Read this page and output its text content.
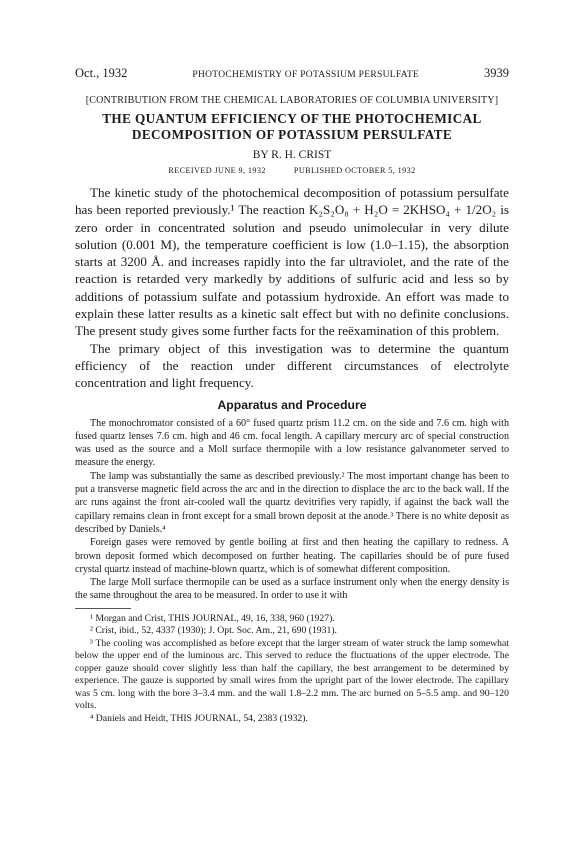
Oct., 1932	PHOTOCHEMISTRY OF POTASSIUM PERSULFATE	3939
[CONTRIBUTION FROM THE CHEMICAL LABORATORIES OF COLUMBIA UNIVERSITY]
THE QUANTUM EFFICIENCY OF THE PHOTOCHEMICAL
DECOMPOSITION OF POTASSIUM PERSULFATE
BY R. H. CRIST
RECEIVED JUNE 9, 1932	PUBLISHED OCTOBER 5, 1932

The kinetic study of the photochemical decomposition of potassium persulfate has been reported previously.¹ The reaction K₂S₂O₈ + H₂O = 2KHSO₄ + 1/2O₂ is zero order in concentrated solution and pseudo unimolecular in very dilute solution (0.001 M), the temperature coefficient is low (1.0–1.15), the absorption starts at 3200 Å. and increases rapidly into the far ultraviolet, and the rate of the reaction is retarded very markedly by additions of sulfuric acid and less so by additions of potassium sulfate and potassium hydroxide. An effort was made to explain these latter results as a kinetic salt effect but with no definite conclusions. The present study gives some further facts for the reëxamination of this problem.

The primary object of this investigation was to determine the quantum efficiency of the reaction under different circumstances of electrolyte concentration and light frequency.

Apparatus and Procedure

The monochromator consisted of a 60° fused quartz prism 11.2 cm. on the side and 7.6 cm. high with fused quartz lenses 7.6 cm. high and 46 cm. focal length. A capillary mercury arc of special construction was used as the source and a Moll surface thermopile with a low resistance galvanometer served to measure the energy.

The lamp was substantially the same as described previously.² The most important change has been to put a transverse magnetic field across the arc and in the direction to displace the arc to the back wall. If the arc runs against the front air-cooled wall the quartz devitrifies very rapidly, if against the back wall the capillary remains clean in front except for a small brown deposit at the anode.³ There is no white deposit as described by Daniels.⁴

Foreign gases were removed by gentle boiling at first and then heating the capillary to redness. A brown deposit formed which decomposed on further heating. The capillaries should be of pure fused crystal quartz instead of machine-blown quartz, which is of somewhat different composition.

The large Moll surface thermopile can be used as a surface instrument only when the energy density is the same throughout the area to be measured. In order to use it with

¹ Morgan and Crist, THIS JOURNAL, 49, 16, 338, 960 (1927).

² Crist, ibid., 52, 4337 (1930); J. Opt. Soc. Am., 21, 690 (1931).

³ The cooling was accomplished as before except that the larger stream of water struck the lamp somewhat below the upper end of the luminous arc. This served to reduce the fluctuations of the upper electrode. The copper gauze should cover slightly less than half the capillary, the best arrangement to be determined by experience. The gauze is supported by small wires from the upright part of the lower electrode. The capillary was 5 cm. long with the bore 3–3.4 mm. and the wall 1.8–2.2 mm. The arc burned on 5–5.5 amp. and 90–120 volts.

⁴ Daniels and Heidt, THIS JOURNAL, 54, 2383 (1932).
